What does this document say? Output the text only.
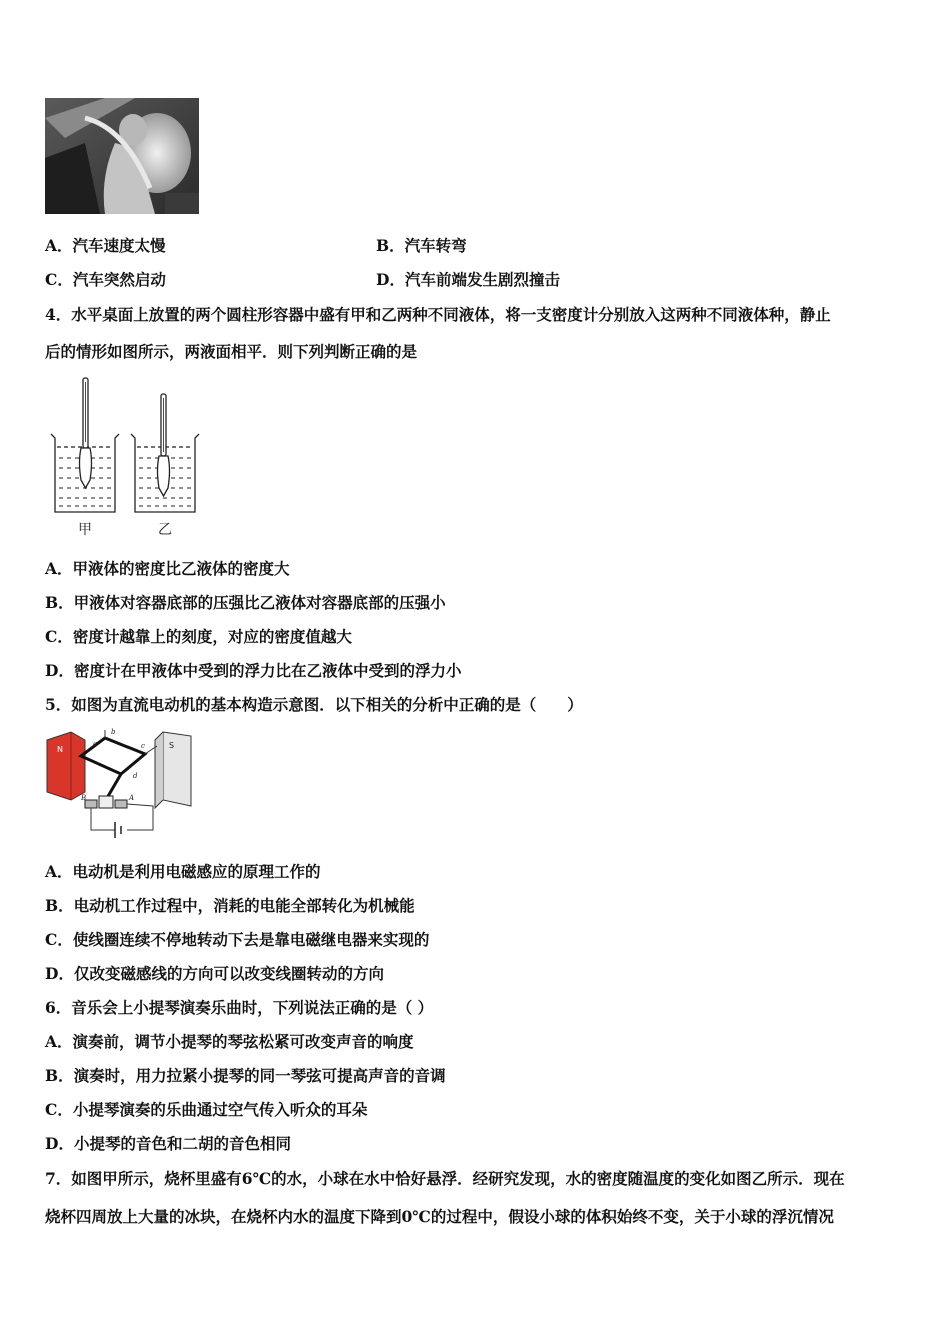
A．汽车速度太慢	B．汽车转弯
C．汽车突然启动	D．汽车前端发生剧烈撞击
4．水平桌面上放置的两个圆柱形容器中盛有甲和乙两种不同液体，将一支密度计分别放入这两种不同液体种，静止
后的情形如图所示，两液面相平．则下列判断正确的是
甲	乙
A．甲液体的密度比乙液体的密度大
B．甲液体对容器底部的压强比乙液体对容器底部的压强小
C．密度计越靠上的刻度，对应的密度值越大
D．密度计在甲液体中受到的浮力比在乙液体中受到的浮力小
5．如图为直流电动机的基本构造示意图．以下相关的分析中正确的是（　　）
N	S
a
b
c
d
A
B
A．电动机是利用电磁感应的原理工作的
B．电动机工作过程中，消耗的电能全部转化为机械能
C．使线圈连续不停地转动下去是靠电磁继电器来实现的
D．仅改变磁感线的方向可以改变线圈转动的方向
6．音乐会上小提琴演奏乐曲时，下列说法正确的是（ ）
A．演奏前，调节小提琴的琴弦松紧可改变声音的响度
B．演奏时，用力拉紧小提琴的同一琴弦可提高声音的音调
C．小提琴演奏的乐曲通过空气传入听众的耳朵
D．小提琴的音色和二胡的音色相同
7．如图甲所示，烧杯里盛有6℃的水，小球在水中恰好悬浮．经研究发现，水的密度随温度的变化如图乙所示．现在
烧杯四周放上大量的冰块，在烧杯内水的温度下降到0℃的过程中，假设小球的体积始终不变，关于小球的浮沉情况
